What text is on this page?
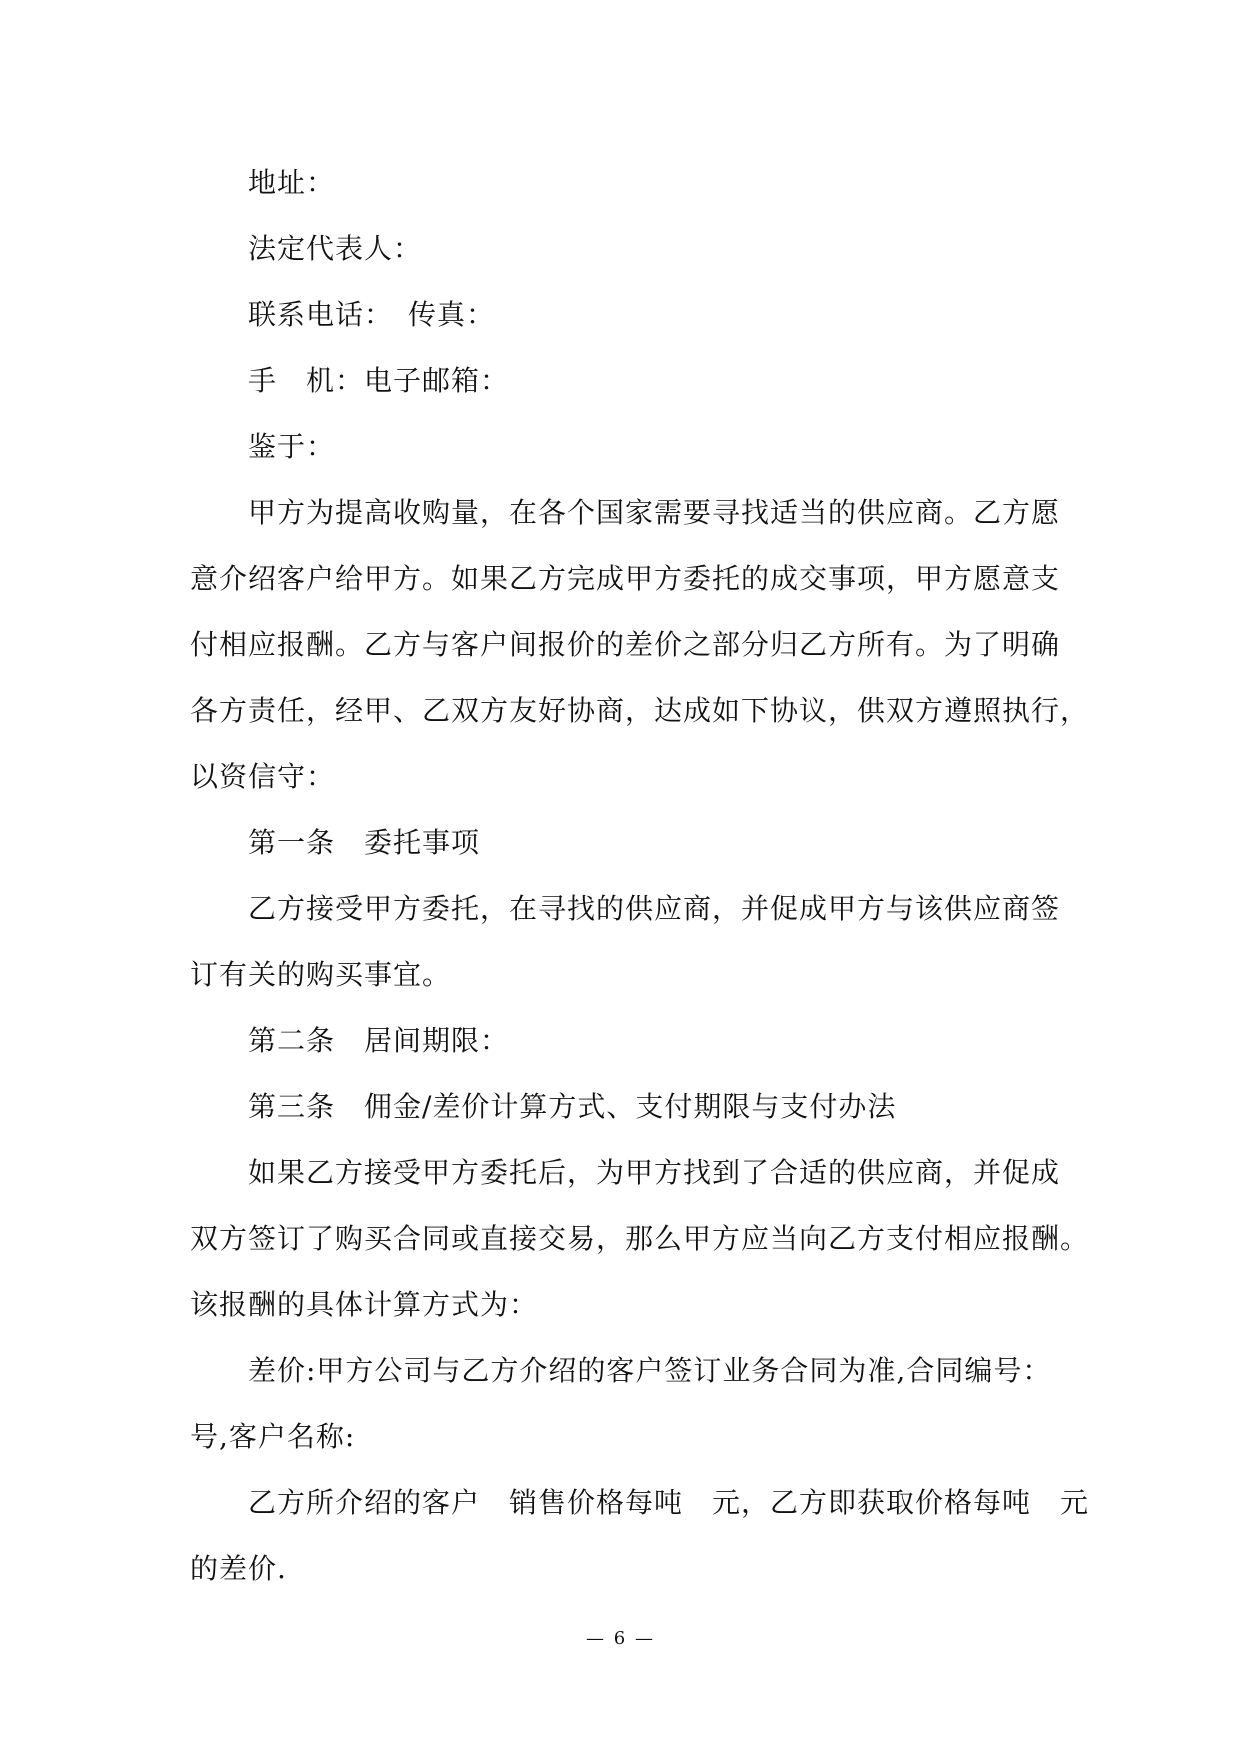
地址：
法定代表人：
联系电话：　传真：
手　机：电子邮箱：
鉴于：
甲方为提高收购量，在各个国家需要寻找适当的供应商。乙方愿
意介绍客户给甲方。如果乙方完成甲方委托的成交事项，甲方愿意支
付相应报酬。乙方与客户间报价的差价之部分归乙方所有。为了明确
各方责任，经甲、乙双方友好协商，达成如下协议，供双方遵照执行，
以资信守：
第一条　委托事项
乙方接受甲方委托，在寻找的供应商，并促成甲方与该供应商签
订有关的购买事宜。
第二条　居间期限：
第三条　佣金/差价计算方式、支付期限与支付办法
如果乙方接受甲方委托后，为甲方找到了合适的供应商，并促成
双方签订了购买合同或直接交易，那么甲方应当向乙方支付相应报酬。
该报酬的具体计算方式为：
差价:甲方公司与乙方介绍的客户签订业务合同为准,合同编号：
号,客户名称:
乙方所介绍的客户　销售价格每吨　元，乙方即获取价格每吨　元
的差价.
— 6 —
